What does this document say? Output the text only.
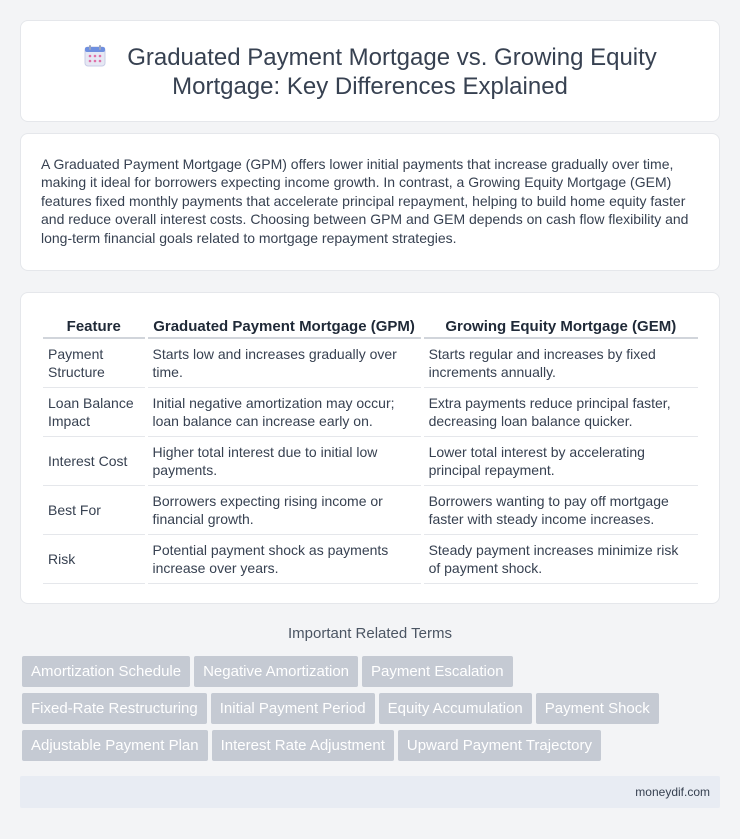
Graduated Payment Mortgage vs. Growing Equity
Mortgage: Key Differences Explained

A Graduated Payment Mortgage (GPM) offers lower initial payments that increase gradually over time, making it ideal for borrowers expecting income growth. In contrast, a Growing Equity Mortgage (GEM) features fixed monthly payments that accelerate principal repayment, helping to build home equity faster and reduce overall interest costs. Choosing between GPM and GEM depends on cash flow flexibility and long-term financial goals related to mortgage repayment strategies.

Feature	Graduated Payment Mortgage (GPM)	Growing Equity Mortgage (GEM)
Payment Structure	Starts low and increases gradually over time.	Starts regular and increases by fixed increments annually.
Loan Balance Impact	Initial negative amortization may occur; loan balance can increase early on.	Extra payments reduce principal faster, decreasing loan balance quicker.
Interest Cost	Higher total interest due to initial low payments.	Lower total interest by accelerating principal repayment.
Best For	Borrowers expecting rising income or financial growth.	Borrowers wanting to pay off mortgage faster with steady income increases.
Risk	Potential payment shock as payments increase over years.	Steady payment increases minimize risk of payment shock.
Important Related Terms
Amortization Schedule Negative Amortization Payment Escalation
Fixed-Rate Restructuring Initial Payment Period Equity Accumulation Payment Shock
Adjustable Payment Plan Interest Rate Adjustment Upward Payment Trajectory
moneydif.com
